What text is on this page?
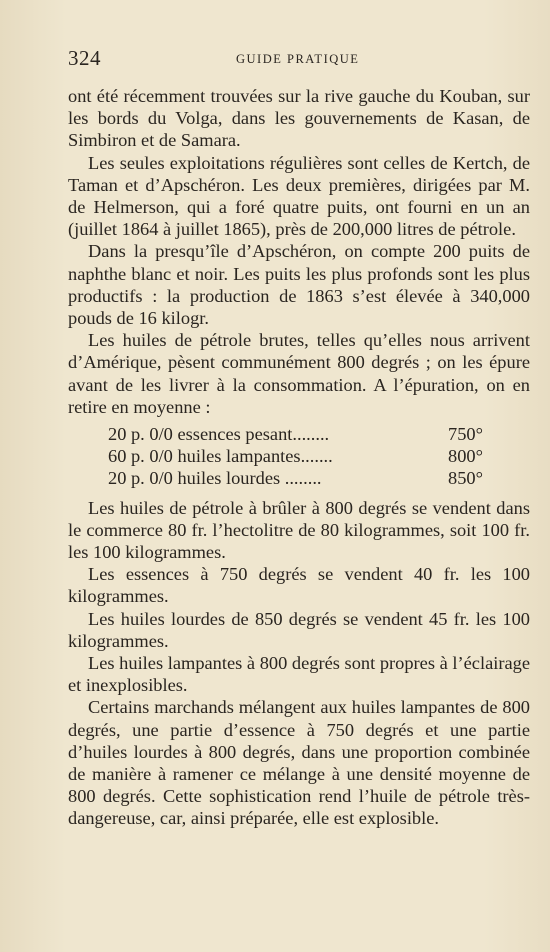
324	GUIDE PRATIQUE

ont été récemment trouvées sur la rive gauche du Kouban, sur les bords du Volga, dans les gouvernements de Kasan, de Simbiron et de Samara.

Les seules exploitations régulières sont celles de Kertch, de Taman et d’Apschéron. Les deux premières, dirigées par M. de Helmerson, qui a foré quatre puits, ont fourni en un an (juillet 1864 à juillet 1865), près de 200,000 litres de pétrole.

Dans la presqu’île d’Apschéron, on compte 200 puits de naphthe blanc et noir. Les puits les plus profonds sont les plus productifs : la production de 1863 s’est élevée à 340,000 pouds de 16 kilogr.

Les huiles de pétrole brutes, telles qu’elles nous arrivent d’Amérique, pèsent communément 800 degrés ; on les épure avant de les livrer à la consommation. A l’épuration, on en retire en moyenne :

20 p. 0/0 essences pesant........	750°
60 p. 0/0 huiles lampantes.......	800°
20 p. 0/0 huiles lourdes ........	850°

Les huiles de pétrole à brûler à 800 degrés se vendent dans le commerce 80 fr. l’hectolitre de 80 kilogrammes, soit 100 fr. les 100 kilogrammes.

Les essences à 750 degrés se vendent 40 fr. les 100 kilogrammes.

Les huiles lourdes de 850 degrés se vendent 45 fr. les 100 kilogrammes.

Les huiles lampantes à 800 degrés sont propres à l’éclairage et inexplosibles.

Certains marchands mélangent aux huiles lampantes de 800 degrés, une partie d’essence à 750 degrés et une partie d’huiles lourdes à 800 degrés, dans une proportion combinée de manière à ramener ce mélange à une densité moyenne de 800 degrés. Cette sophistication rend l’huile de pétrole très-dangereuse, car, ainsi préparée, elle est explosible.
